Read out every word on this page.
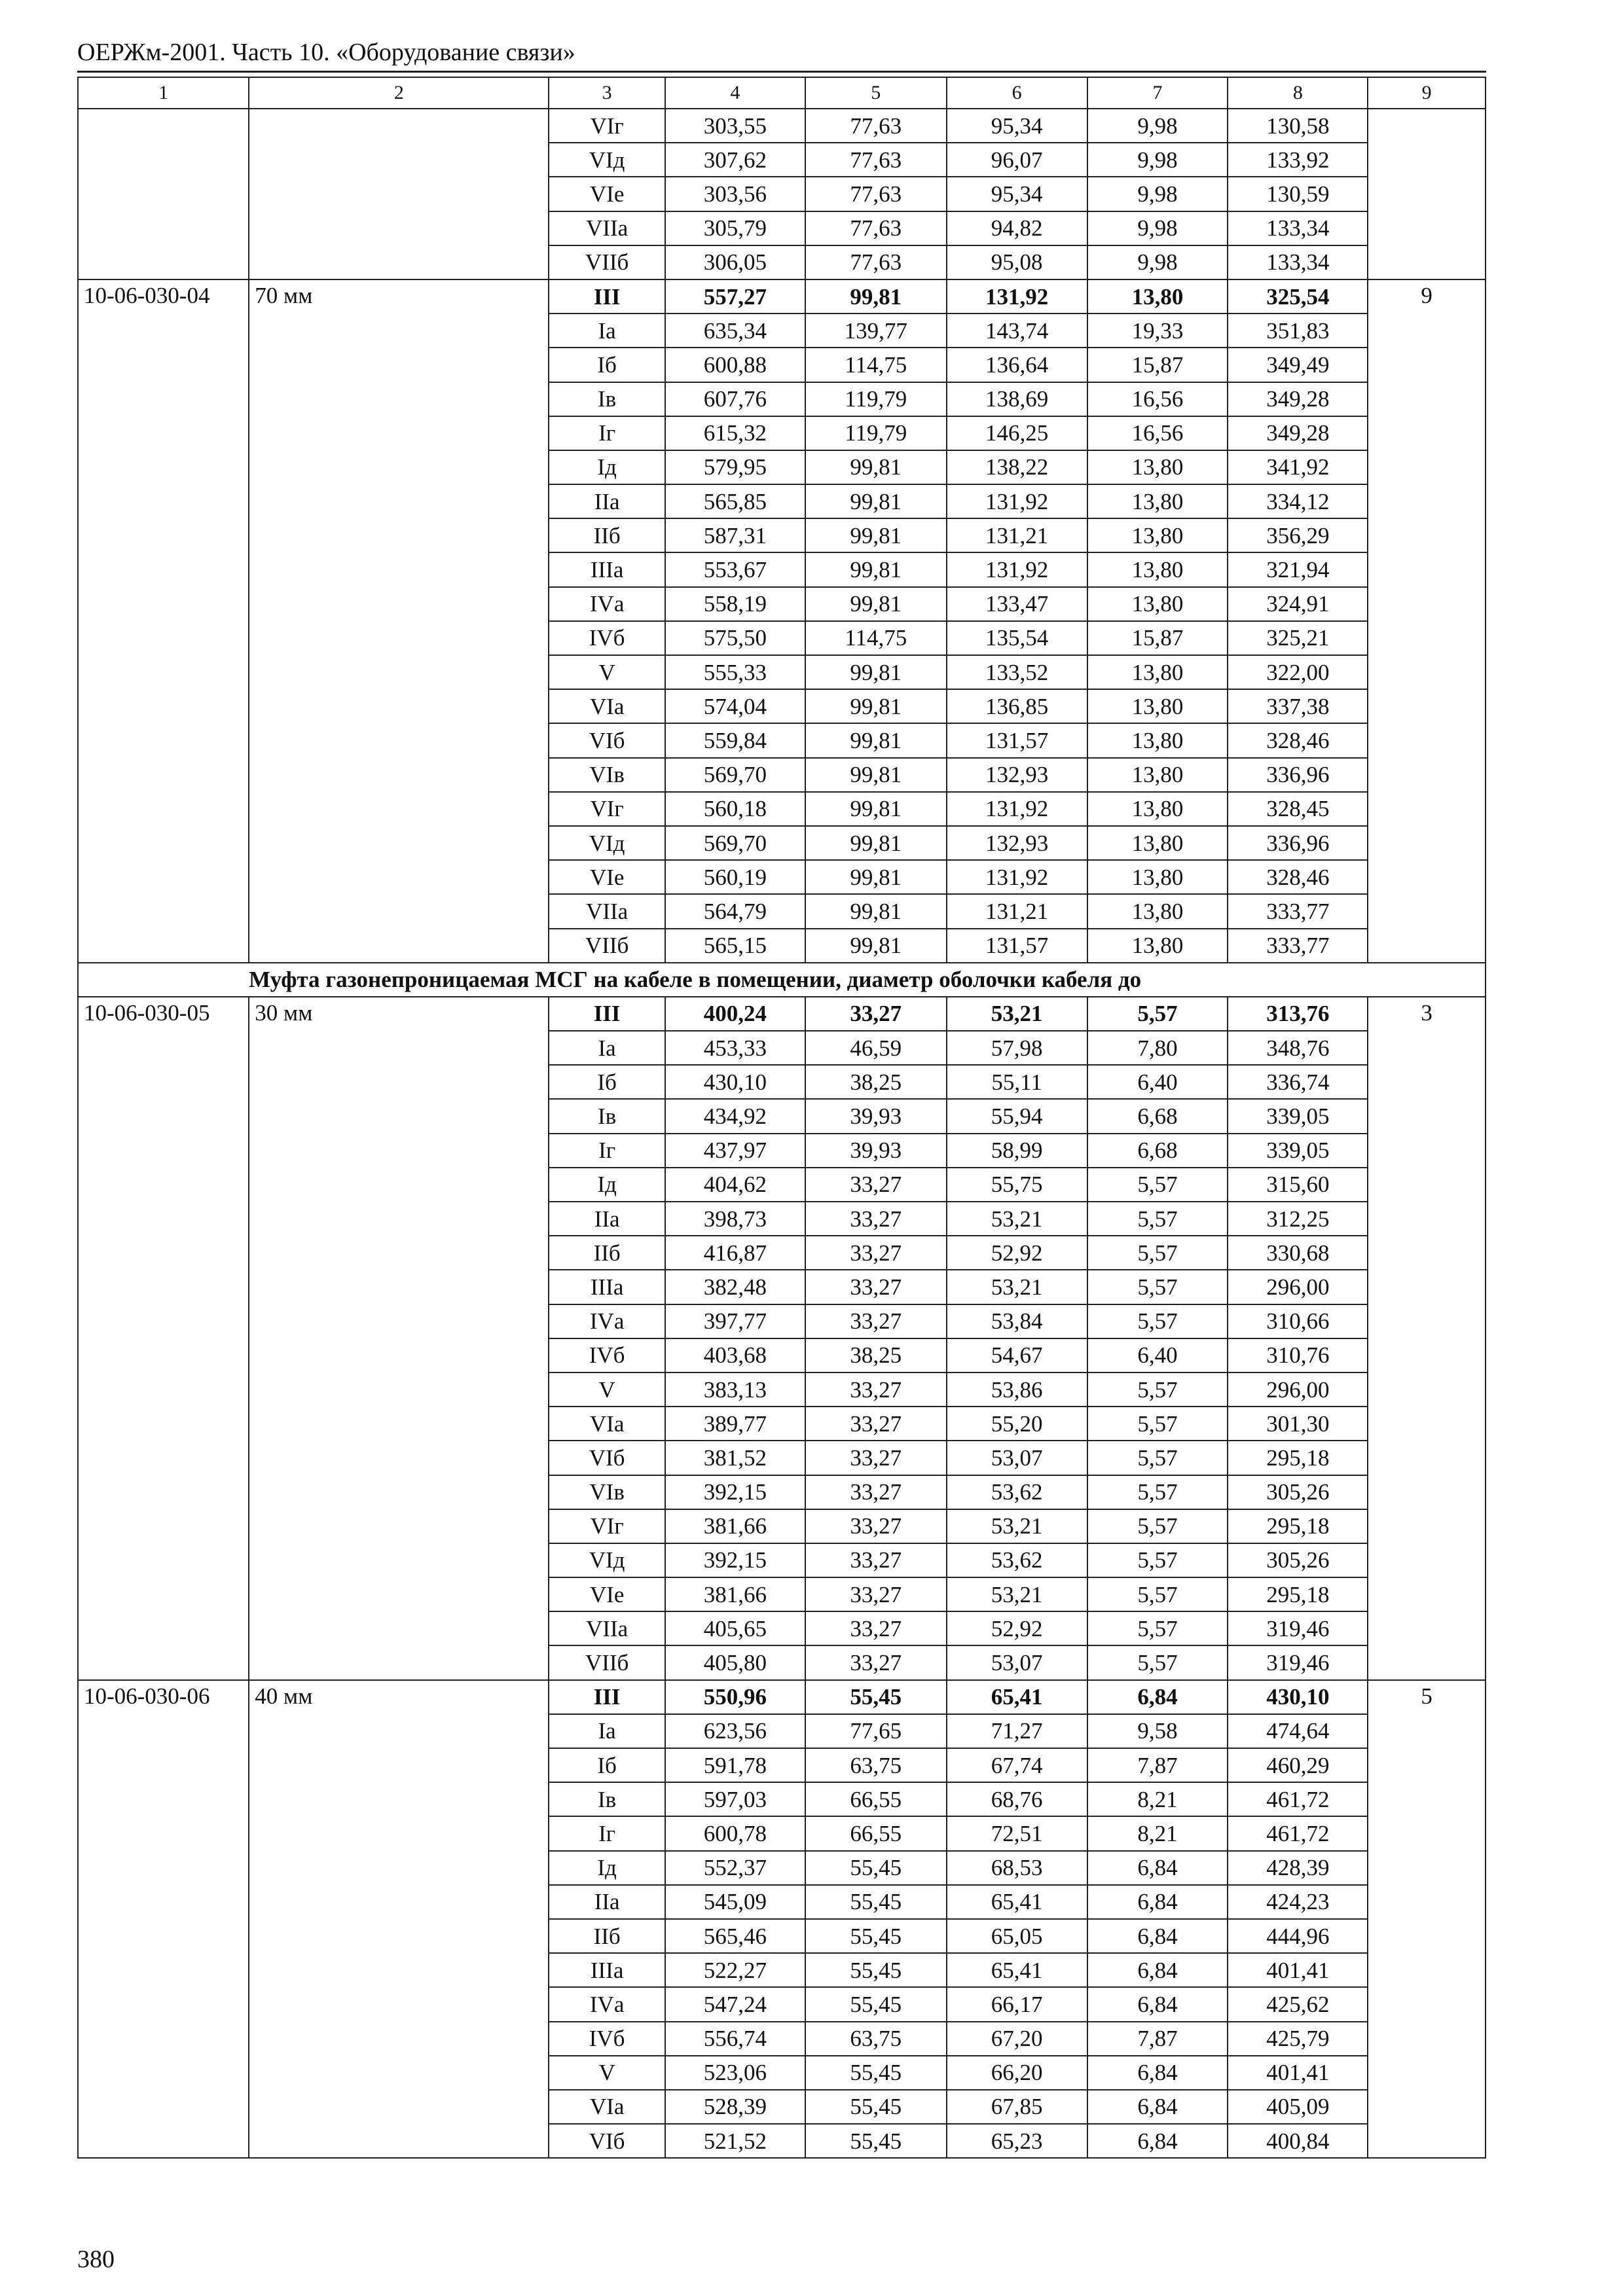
ОЕРЖм-2001. Часть 10. «Оборудование связи»
1	2	3	4	5	6	7	8	9
		VIг	303,55	77,63	95,34	9,98	130,58	
		VIд	307,62	77,63	96,07	9,98	133,92	
		VIе	303,56	77,63	95,34	9,98	130,59	
		VIIа	305,79	77,63	94,82	9,98	133,34	
		VIIб	306,05	77,63	95,08	9,98	133,34	
10-06-030-04	70 мм	III	557,27	99,81	131,92	13,80	325,54	9
		Iа	635,34	139,77	143,74	19,33	351,83	
		Iб	600,88	114,75	136,64	15,87	349,49	
		Iв	607,76	119,79	138,69	16,56	349,28	
		Iг	615,32	119,79	146,25	16,56	349,28	
		Iд	579,95	99,81	138,22	13,80	341,92	
		IIа	565,85	99,81	131,92	13,80	334,12	
		IIб	587,31	99,81	131,21	13,80	356,29	
		IIIа	553,67	99,81	131,92	13,80	321,94	
		IVа	558,19	99,81	133,47	13,80	324,91	
		IVб	575,50	114,75	135,54	15,87	325,21	
		V	555,33	99,81	133,52	13,80	322,00	
		VIа	574,04	99,81	136,85	13,80	337,38	
		VIб	559,84	99,81	131,57	13,80	328,46	
		VIв	569,70	99,81	132,93	13,80	336,96	
		VIг	560,18	99,81	131,92	13,80	328,45	
		VIд	569,70	99,81	132,93	13,80	336,96	
		VIе	560,19	99,81	131,92	13,80	328,46	
		VIIа	564,79	99,81	131,21	13,80	333,77	
		VIIб	565,15	99,81	131,57	13,80	333,77	
Муфта газонепроницаемая МСГ на кабеле в помещении, диаметр оболочки кабеля до								
10-06-030-05	30 мм	III	400,24	33,27	53,21	5,57	313,76	3
		Iа	453,33	46,59	57,98	7,80	348,76	
		Iб	430,10	38,25	55,11	6,40	336,74	
		Iв	434,92	39,93	55,94	6,68	339,05	
		Iг	437,97	39,93	58,99	6,68	339,05	
		Iд	404,62	33,27	55,75	5,57	315,60	
		IIа	398,73	33,27	53,21	5,57	312,25	
		IIб	416,87	33,27	52,92	5,57	330,68	
		IIIа	382,48	33,27	53,21	5,57	296,00	
		IVа	397,77	33,27	53,84	5,57	310,66	
		IVб	403,68	38,25	54,67	6,40	310,76	
		V	383,13	33,27	53,86	5,57	296,00	
		VIа	389,77	33,27	55,20	5,57	301,30	
		VIб	381,52	33,27	53,07	5,57	295,18	
		VIв	392,15	33,27	53,62	5,57	305,26	
		VIг	381,66	33,27	53,21	5,57	295,18	
		VIд	392,15	33,27	53,62	5,57	305,26	
		VIе	381,66	33,27	53,21	5,57	295,18	
		VIIа	405,65	33,27	52,92	5,57	319,46	
		VIIб	405,80	33,27	53,07	5,57	319,46	
10-06-030-06	40 мм	III	550,96	55,45	65,41	6,84	430,10	5
		Iа	623,56	77,65	71,27	9,58	474,64	
		Iб	591,78	63,75	67,74	7,87	460,29	
		Iв	597,03	66,55	68,76	8,21	461,72	
		Iг	600,78	66,55	72,51	8,21	461,72	
		Iд	552,37	55,45	68,53	6,84	428,39	
		IIа	545,09	55,45	65,41	6,84	424,23	
		IIб	565,46	55,45	65,05	6,84	444,96	
		IIIа	522,27	55,45	65,41	6,84	401,41	
		IVа	547,24	55,45	66,17	6,84	425,62	
		IVб	556,74	63,75	67,20	7,87	425,79	
		V	523,06	55,45	66,20	6,84	401,41	
		VIа	528,39	55,45	67,85	6,84	405,09	
		VIб	521,52	55,45	65,23	6,84	400,84	
380
